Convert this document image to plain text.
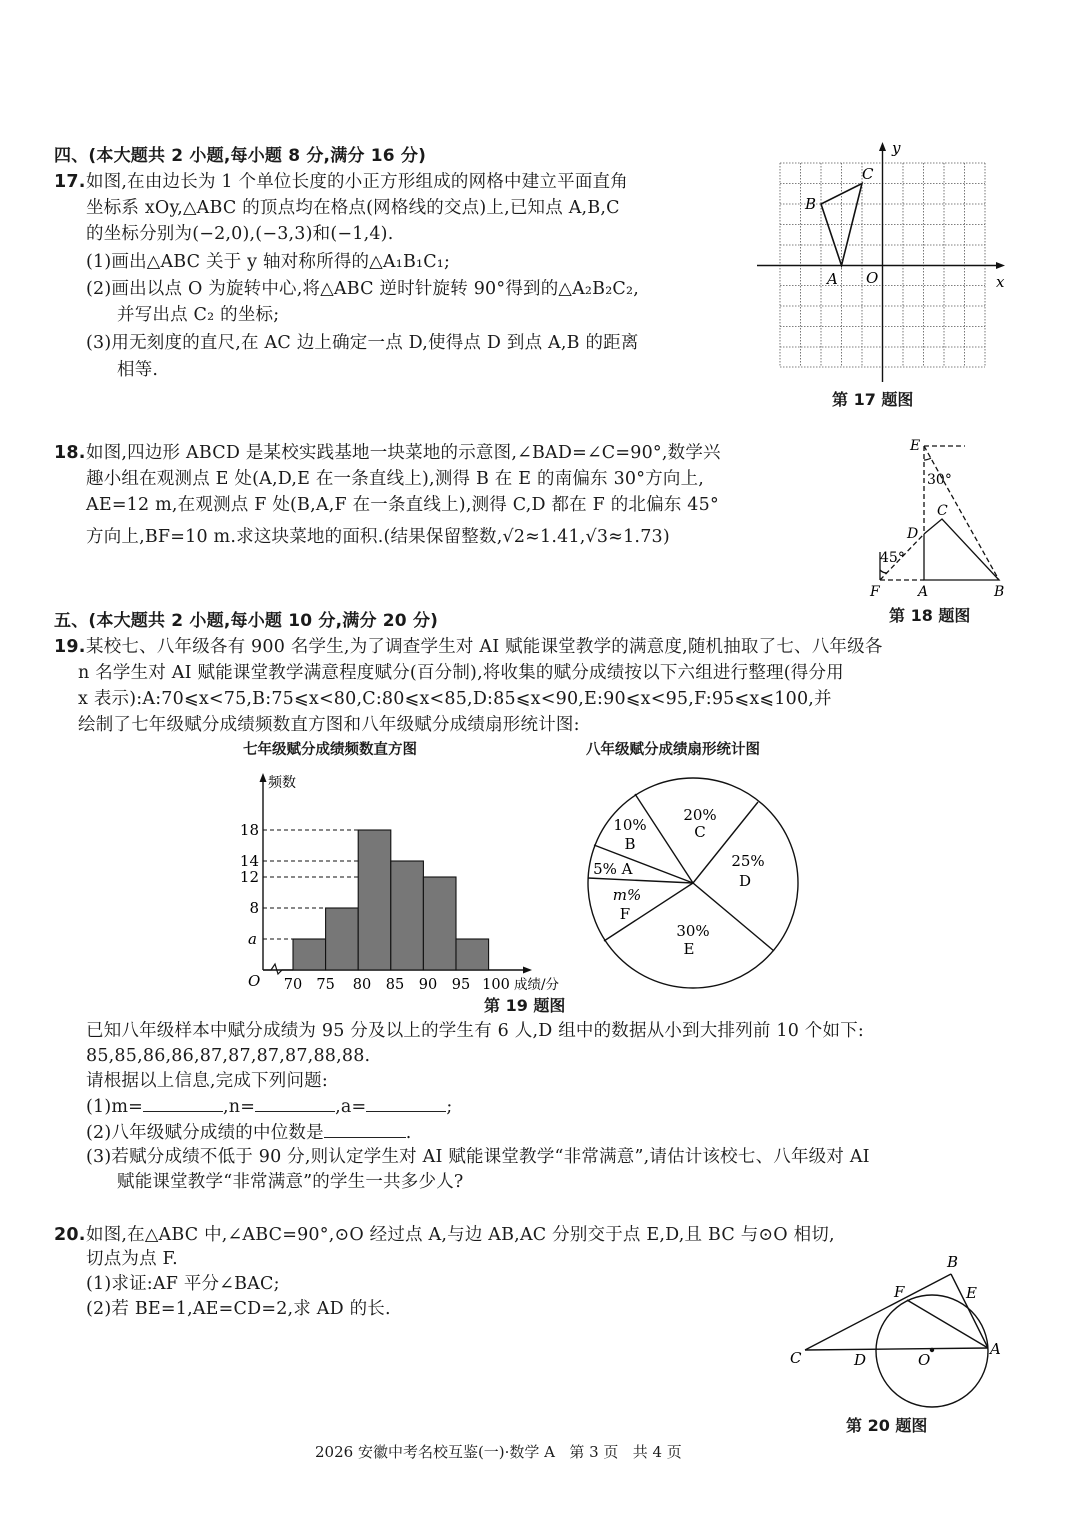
四、(本大题共 2 小题,每小题 8 分,满分 16 分)
17. 如图,在由边长为 1 个单位长度的小正方形组成的网格中建立平面直角
坐标系 xOy,△ABC 的顶点均在格点(网格线的交点)上,已知点 A,B,C
的坐标分别为(−2,0),(−3,3)和(−1,4).
(1)画出△ABC 关于 y 轴对称所得的△A₁B₁C₁;
(2)画出以点 O 为旋转中心,将△ABC 逆时针旋转 90°得到的△A₂B₂C₂,
并写出点 C₂ 的坐标;
(3)用无刻度的直尺,在 AC 边上确定一点 D,使得点 D 到点 A,B 的距离
相等.
y
x
O
A
B
C
第 17 题图
18. 如图,四边形 ABCD 是某校实践基地一块菜地的示意图,∠BAD=∠C=90°,数学兴
趣小组在观测点 E 处(A,D,E 在一条直线上),测得 B 在 E 的南偏东 30°方向上,
AE=12 m,在观测点 F 处(B,A,F 在一条直线上),测得 C,D 都在 F 的北偏东 45°
方向上,BF=10 m.求这块菜地的面积.(结果保留整数,√2≈1.41,√3≈1.73)
30°
45°
E
C
D
F	A	B
第 18 题图
五、(本大题共 2 小题,每小题 10 分,满分 20 分)
19. 某校七、八年级各有 900 名学生,为了调查学生对 AI 赋能课堂教学的满意度,随机抽取了七、八年级各
n 名学生对 AI 赋能课堂教学满意程度赋分(百分制),将收集的赋分成绩按以下六组进行整理(得分用
x 表示):A:70⩽x<75,B:75⩽x<80,C:80⩽x<85,D:85⩽x<90,E:90⩽x<95,F:95⩽x⩽100,并
绘制了七年级赋分成绩频数直方图和八年级赋分成绩扇形统计图:
七年级赋分成绩频数直方图
18
14
12
8
a
O
频数
70 75 80 85 90 95 100 成绩/分
第 19 题图
八年级赋分成绩扇形统计图
20%
C
10%
B
5% A	25%
D
m%
F
30%
E
已知八年级样本中赋分成绩为 95 分及以上的学生有 6 人,D 组中的数据从小到大排列前 10 个如下:
85,85,86,86,87,87,87,87,88,88.
请根据以上信息,完成下列问题:
(1)m=	,n=	,a=	;
(2)八年级赋分成绩的中位数是	.
(3)若赋分成绩不低于 90 分,则认定学生对 AI 赋能课堂教学“非常满意”,请估计该校七、八年级对 AI
赋能课堂教学“非常满意”的学生一共多少人?
20. 如图,在△ABC 中,∠ABC=90°,⊙O 经过点 A,与边 AB,AC 分别交于点 E,D,且 BC 与⊙O 相切,
切点为点 F.
(1)求证:AF 平分∠BAC;
(2)若 BE=1,AE=CD=2,求 AD 的长.
B
F	E
A
C	D	O
第 20 题图
2026 安徽中考名校互鉴(一)·数学 A   第 3 页   共 4 页
